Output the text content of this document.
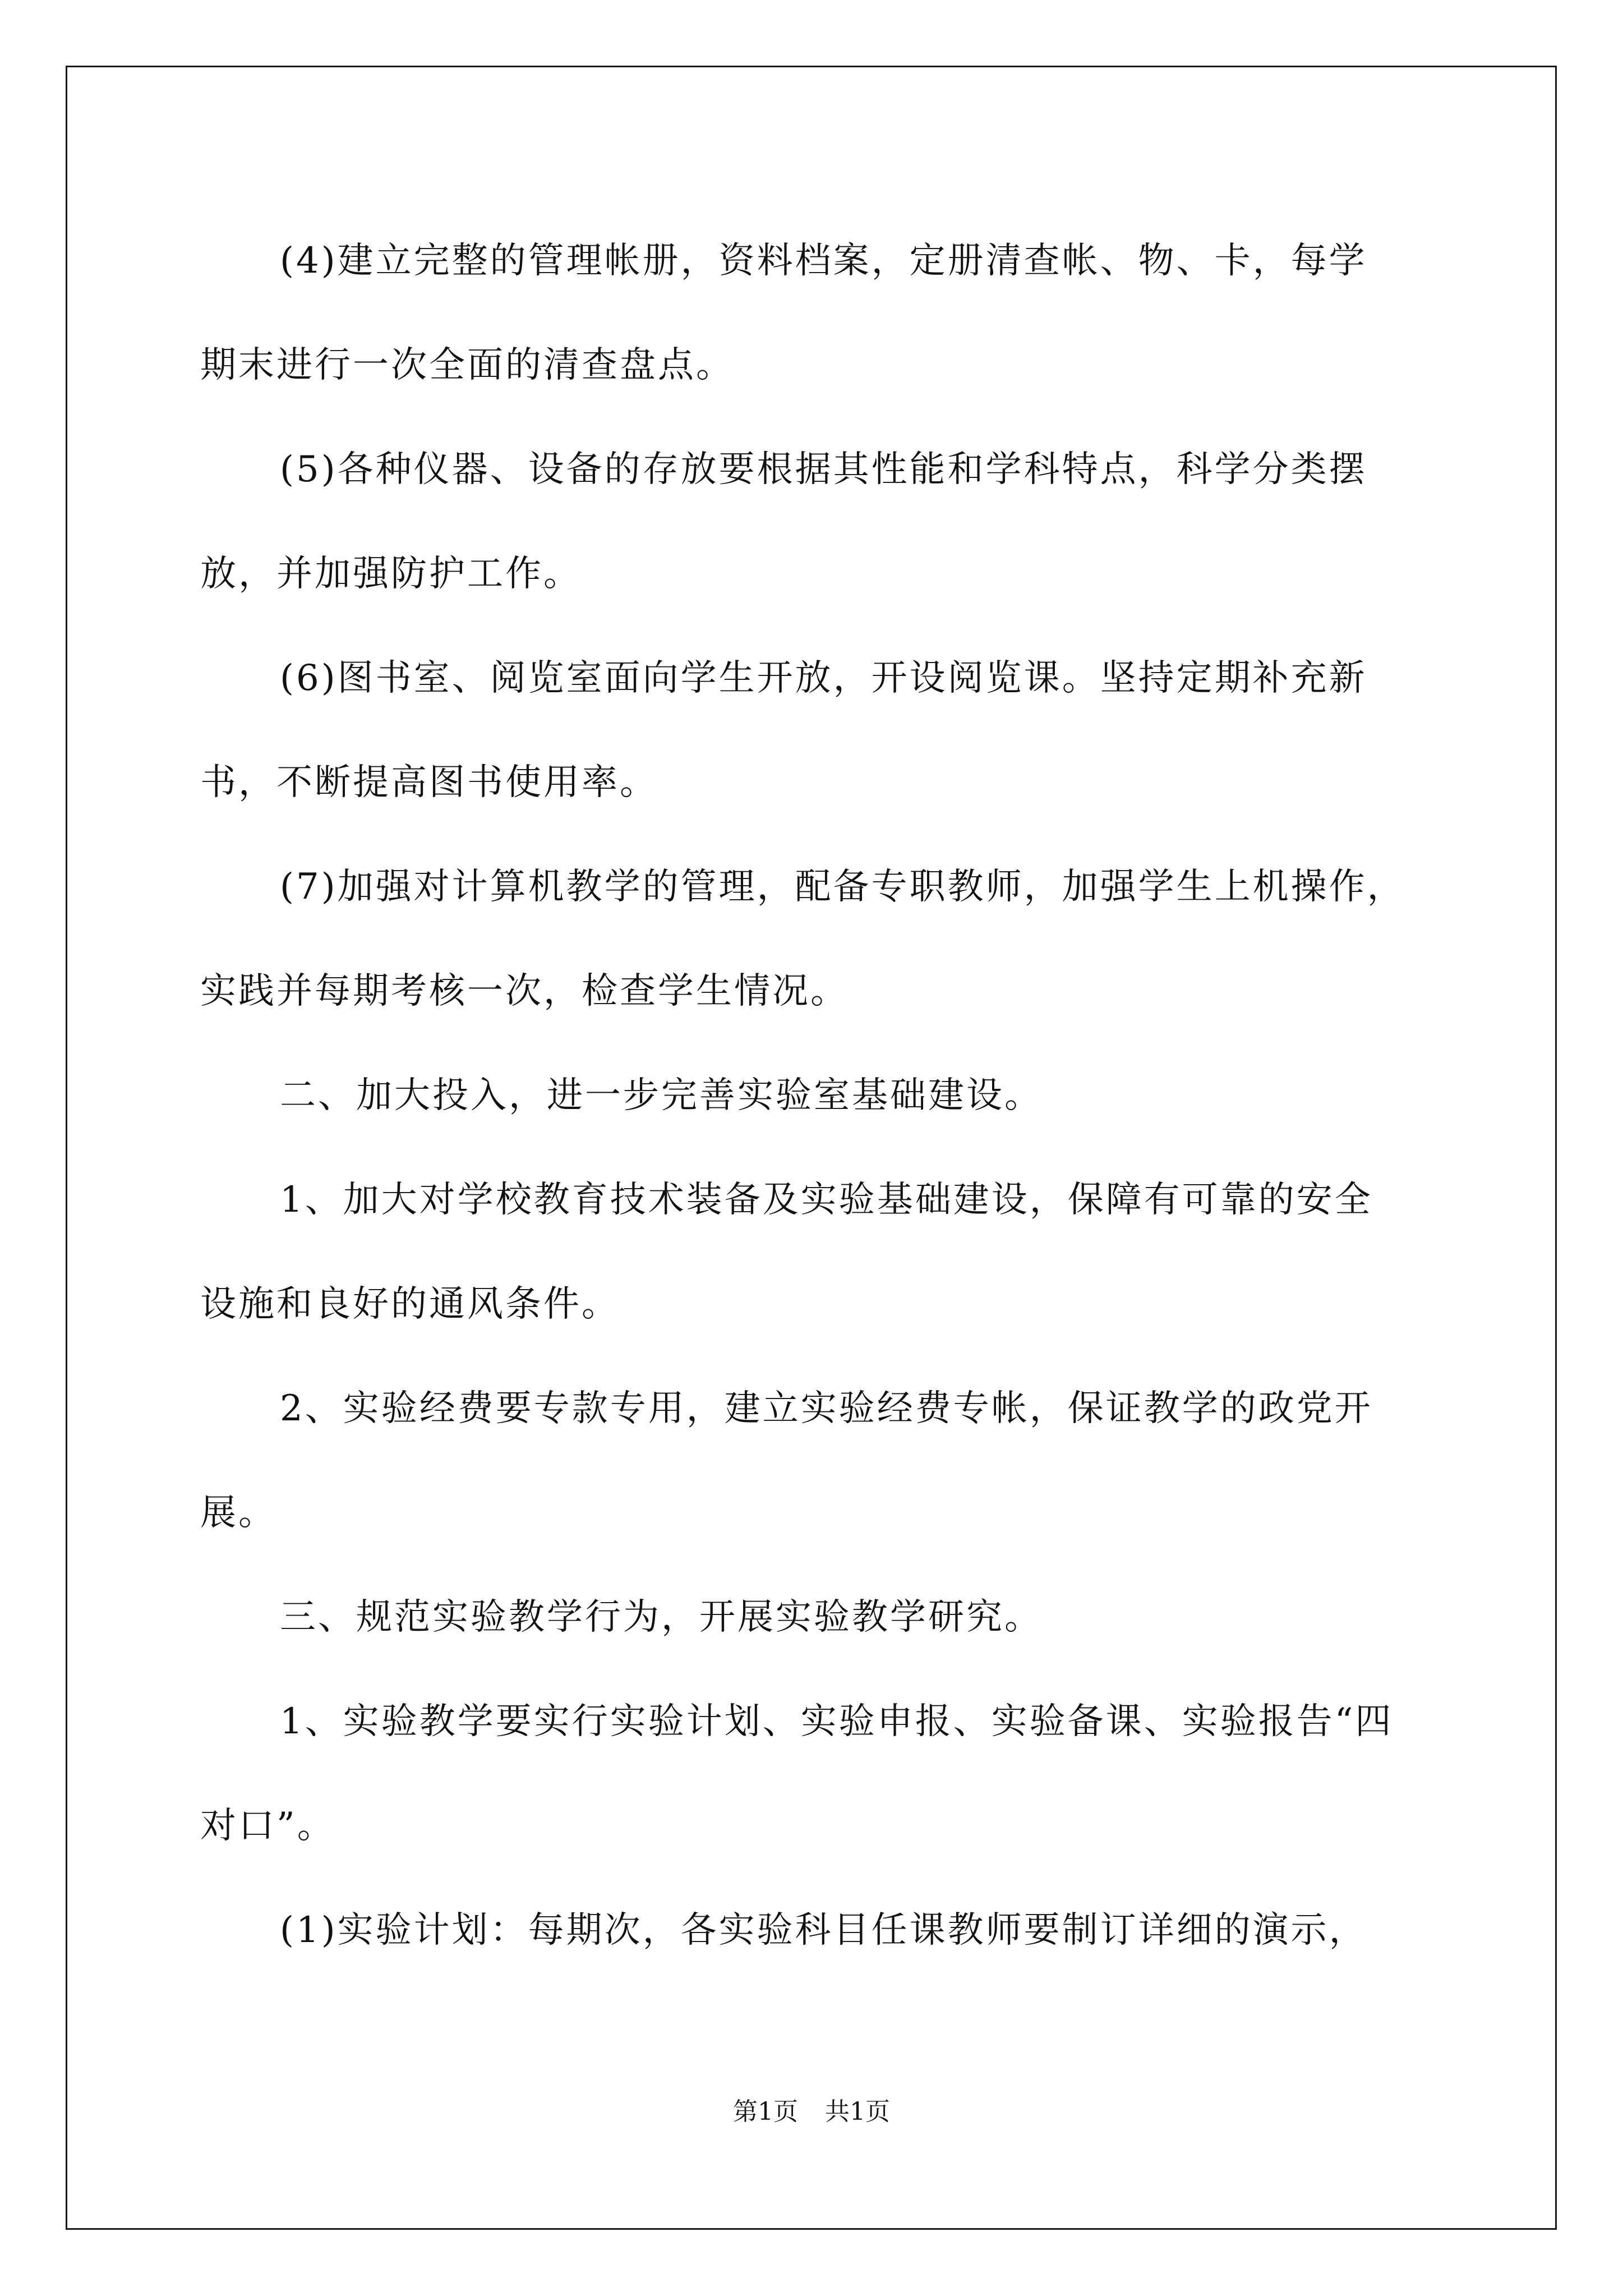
(4)建立完整的管理帐册，资料档案，定册清查帐、物、卡，每学
期末进行一次全面的清查盘点。

(5)各种仪器、设备的存放要根据其性能和学科特点，科学分类摆
放，并加强防护工作。

(6)图书室、阅览室面向学生开放，开设阅览课。坚持定期补充新
书，不断提高图书使用率。

(7)加强对计算机教学的管理，配备专职教师，加强学生上机操作，
实践并每期考核一次，检查学生情况。

二、加大投入，进一步完善实验室基础建设。

1、加大对学校教育技术装备及实验基础建设，保障有可靠的安全
设施和良好的通风条件。

2、实验经费要专款专用，建立实验经费专帐，保证教学的政党开
展。

三、规范实验教学行为，开展实验教学研究。

1、实验教学要实行实验计划、实验申报、实验备课、实验报告“四
对口”。

(1)实验计划：每期次，各实验科目任课教师要制订详细的演示，

第1页 共1页
